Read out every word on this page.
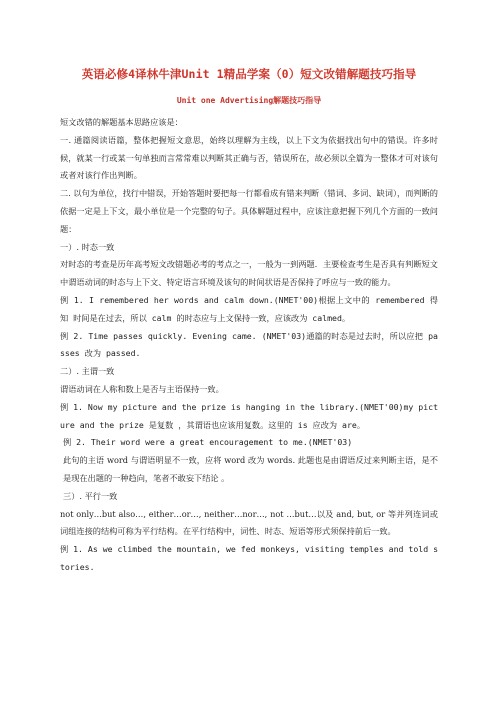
英语必修4译林牛津Unit 1精品学案（0）短文改错解题技巧指导
Unit one Advertising解题技巧指导

短文改错的解题基本思路应该是：

一. 通篇阅读语篇，整体把握短文意思，始终以理解为主线，以上下文为依据找出句中的错误。许多时候，就某一行或某一句单独而言常常难以判断其正确与否，错误所在，故必须以全篇为一整体才可对该句或者对该行作出判断。

二. 以句为单位，找行中错误，开始答题时要把每一行都看成有错来判断（错词、多词、缺词），而判断的依据一定是上下文，最小单位是一个完整的句子。具体解题过程中，应该注意把握下列几个方面的一致问题：

一）. 时态一致

对时态的考查是历年高考短文改错题必考的考点之一，一般为一到两题．主要检查考生是否具有判断短文中谓语动词的时态与上下文、特定语言环境及该句的时间状语是否保持了呼应与一致的能力。

例 1. I remembered her words and calm down.(NMET'00)根据上文中的 remembered 得知 时间是在过去，所以 calm 的时态应与上文保持一致，应该改为 calmed。

例 2. Time passes quickly. Evening came. (NMET'03)通篇的时态是过去时，所以应把 passes 改为 passed.

二）. 主谓一致

谓语动词在人称和数上是否与主语保持一致。

例 1. Now my picture and the prize is hanging in the library.(NMET'00)my picture and the prize 是复数 ，其谓语也应该用复数。这里的 is 应改为 are。

例 2. Their word were a great encouragement to me.(NMET'03)

此句的主语 word 与谓语明显不一致，应将 word 改为 words. 此题也是由谓语反过来判断主语，是不是现在出题的一种趋向，笔者不敢妄下结论 。

三）. 平行一致

not only…but also…, either…or…, neither…nor…, not …but…以及 and, but, or 等并列连词或词组连接的结构可称为平行结构。在平行结构中，词性、时态、短语等形式须保持前后一致。

例 1. As we climbed the mountain, we fed monkeys, visiting temples and told stories.
